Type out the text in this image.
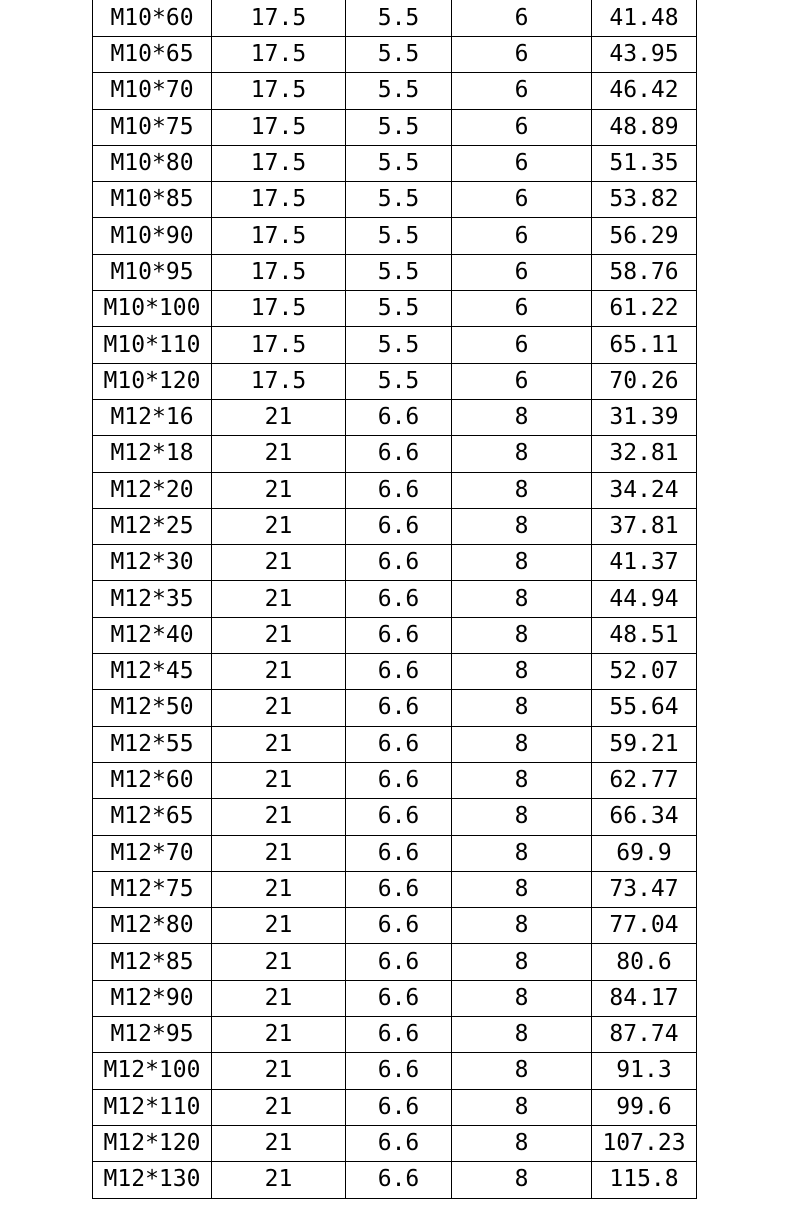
M10*60	17.5	5.5	6	41.48
M10*65	17.5	5.5	6	43.95
M10*70	17.5	5.5	6	46.42
M10*75	17.5	5.5	6	48.89
M10*80	17.5	5.5	6	51.35
M10*85	17.5	5.5	6	53.82
M10*90	17.5	5.5	6	56.29
M10*95	17.5	5.5	6	58.76
M10*100	17.5	5.5	6	61.22
M10*110	17.5	5.5	6	65.11
M10*120	17.5	5.5	6	70.26
M12*16	21	6.6	8	31.39
M12*18	21	6.6	8	32.81
M12*20	21	6.6	8	34.24
M12*25	21	6.6	8	37.81
M12*30	21	6.6	8	41.37
M12*35	21	6.6	8	44.94
M12*40	21	6.6	8	48.51
M12*45	21	6.6	8	52.07
M12*50	21	6.6	8	55.64
M12*55	21	6.6	8	59.21
M12*60	21	6.6	8	62.77
M12*65	21	6.6	8	66.34
M12*70	21	6.6	8	69.9
M12*75	21	6.6	8	73.47
M12*80	21	6.6	8	77.04
M12*85	21	6.6	8	80.6
M12*90	21	6.6	8	84.17
M12*95	21	6.6	8	87.74
M12*100	21	6.6	8	91.3
M12*110	21	6.6	8	99.6
M12*120	21	6.6	8	107.23
M12*130	21	6.6	8	115.8
